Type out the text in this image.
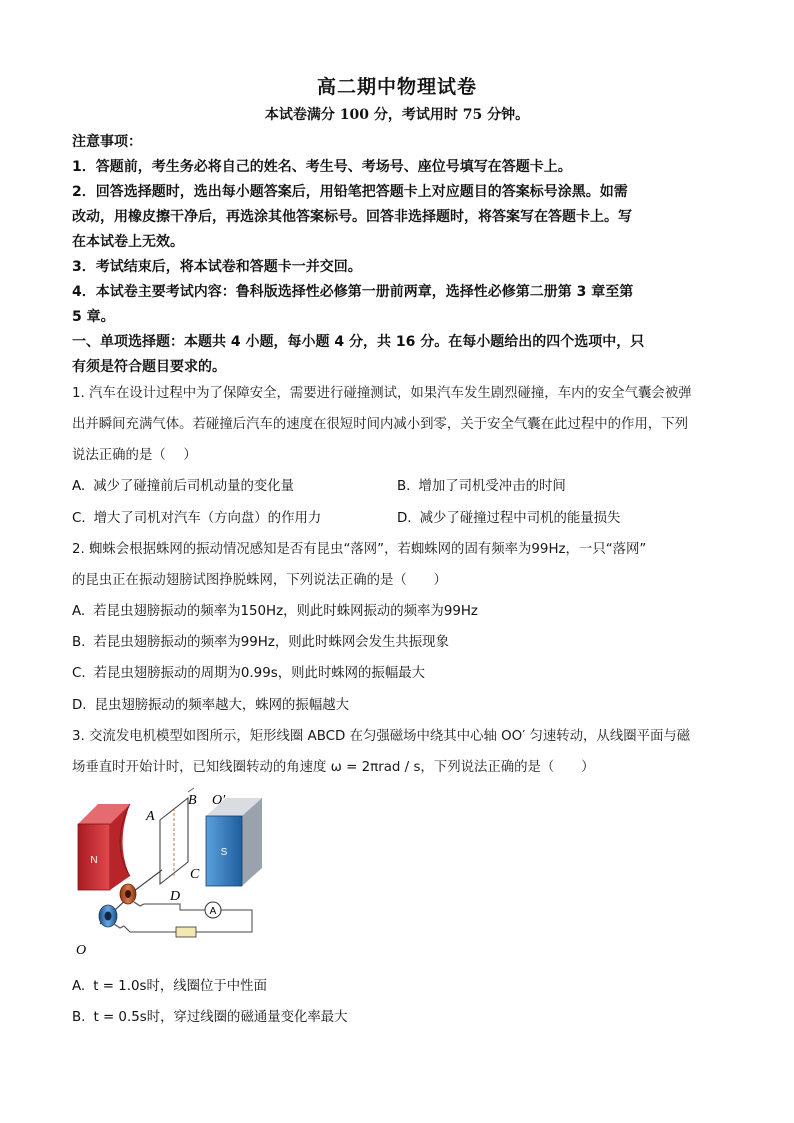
高二期中物理试卷
本试卷满分 100 分，考试用时 75 分钟。
注意事项：
1．答题前，考生务必将自己的姓名、考生号、考场号、座位号填写在答题卡上。
2．回答选择题时，选出每小题答案后，用铅笔把答题卡上对应题目的答案标号涂黑。如需
改动，用橡皮擦干净后，再选涂其他答案标号。回答非选择题时，将答案写在答题卡上。写
在本试卷上无效。
3．考试结束后，将本试卷和答题卡一并交回。
4．本试卷主要考试内容：鲁科版选择性必修第一册前两章，选择性必修第二册第 3 章至第
5 章。
一、单项选择题：本题共 4 小题，每小题 4 分，共 16 分。在每小题给出的四个选项中，只
有须是符合题目要求的。
1. 汽车在设计过程中为了保障安全，需要进行碰撞测试，如果汽车发生剧烈碰撞，车内的安全气囊会被弹
出并瞬间充满气体。若碰撞后汽车的速度在很短时间内减小到零，关于安全气囊在此过程中的作用，下列
说法正确的是（　 ）
A. 减少了碰撞前后司机动量的变化量	B. 增加了司机受冲击的时间
C. 增大了司机对汽车（方向盘）的作用力	D. 减少了碰撞过程中司机的能量损失
2. 蜘蛛会根据蛛网的振动情况感知是否有昆虫“落网”，若蜘蛛网的固有频率为99Hz，一只“落网”
的昆虫正在振动翅膀试图挣脱蛛网，下列说法正确的是（　　）
A. 若昆虫翅膀振动的频率为150Hz，则此时蛛网振动的频率为99Hz
B. 若昆虫翅膀振动的频率为99Hz，则此时蛛网会发生共振现象
C. 若昆虫翅膀振动的周期为0.99s，则此时蛛网的振幅最大
D. 昆虫翅膀振动的频率越大，蛛网的振幅越大
3. 交流发电机模型如图所示，矩形线圈 ABCD 在匀强磁场中绕其中心轴 OO′ 匀速转动，从线圈平面与磁
场垂直时开始计时，已知线圈转动的角速度 ω = 2πrad / s，下列说法正确的是（　　）
N
S
A
A
B
C
D
O
O′
A. t = 1.0s时，线圈位于中性面
B. t = 0.5s时，穿过线圈的磁通量变化率最大
